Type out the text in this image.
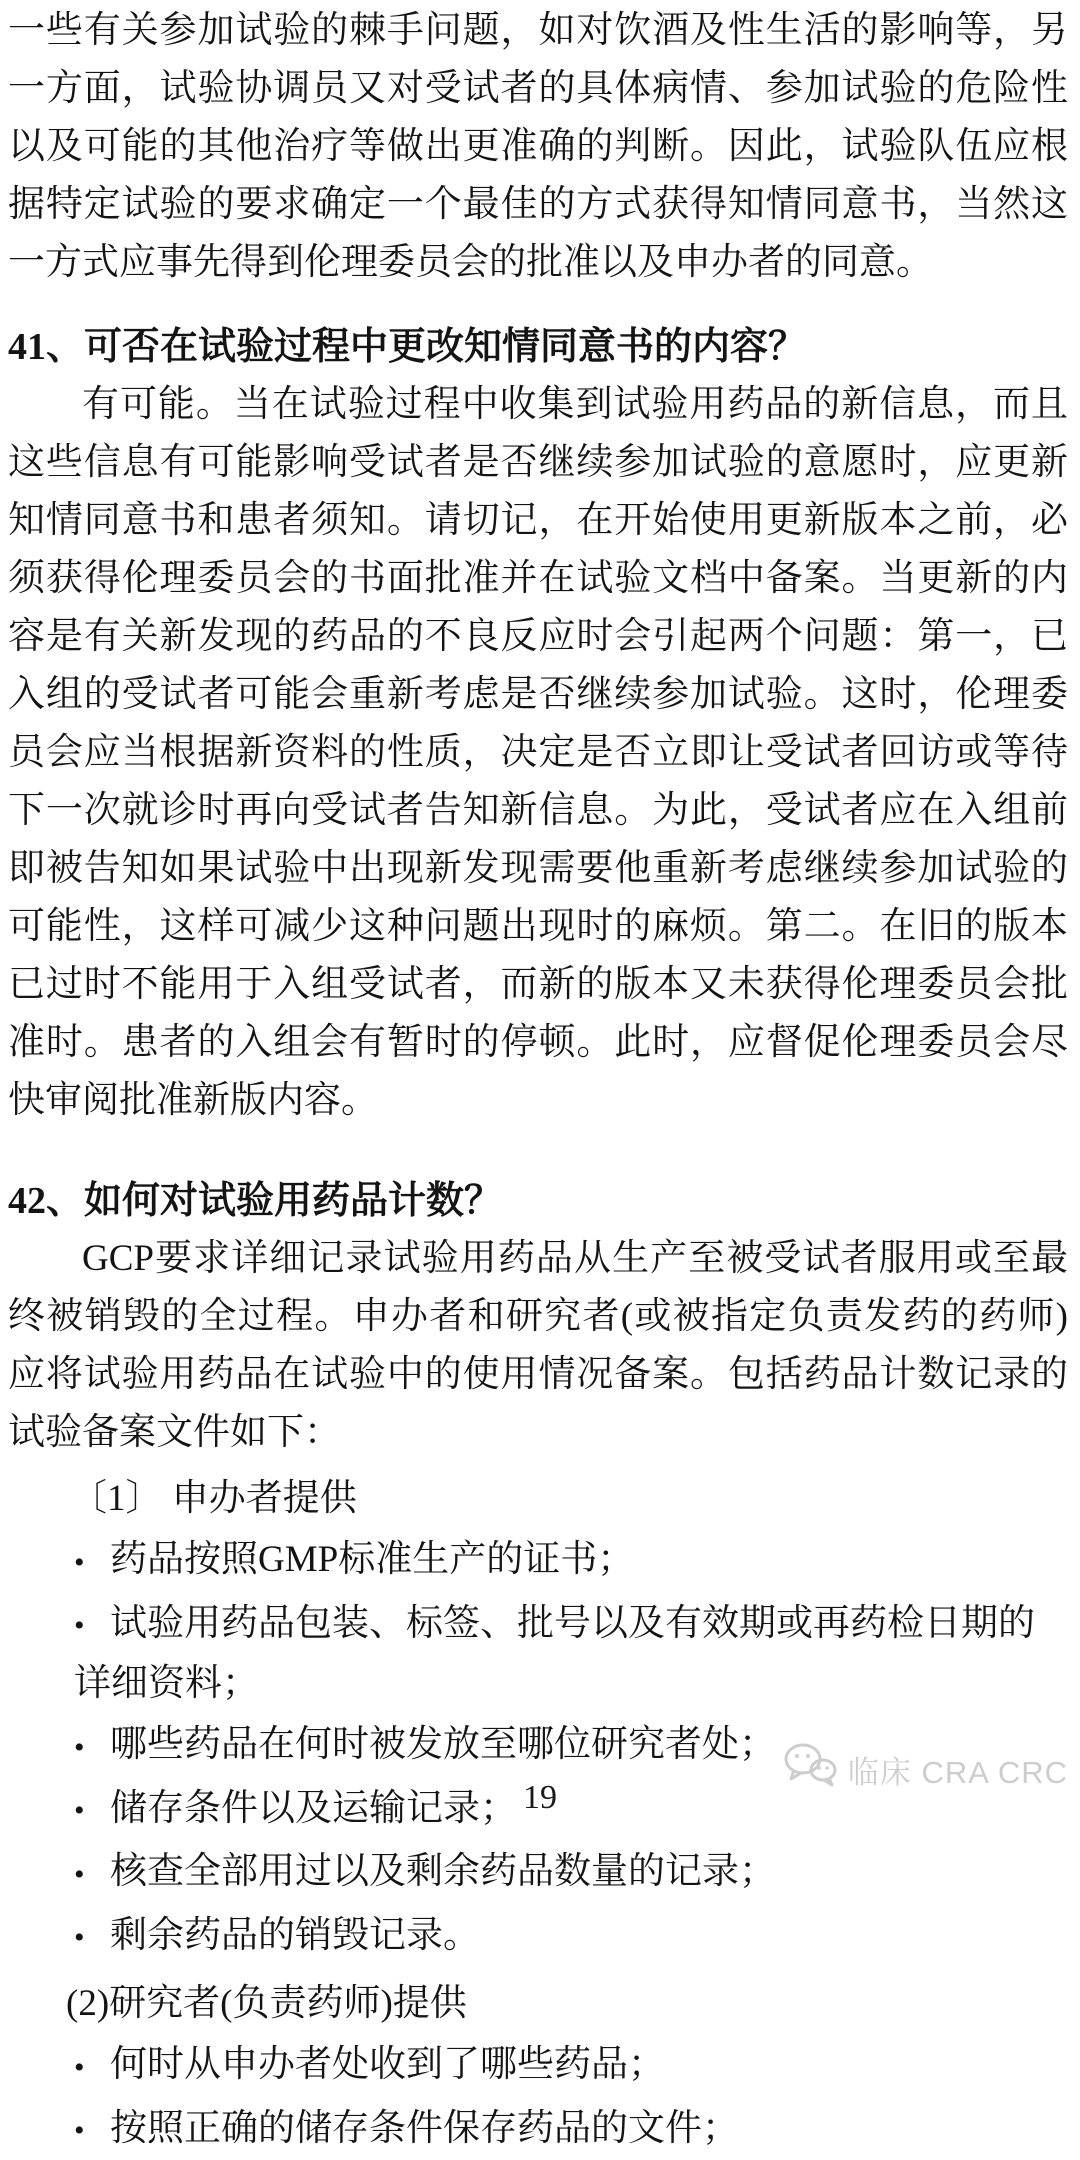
一些有关参加试验的棘手问题，如对饮酒及性生活的影响等，另一方面，试验协调员又对受试者的具体病情、参加试验的危险性以及可能的其他治疗等做出更准确的判断。因此，试验队伍应根据特定试验的要求确定一个最佳的方式获得知情同意书，当然这一方式应事先得到伦理委员会的批准以及申办者的同意。

41、可否在试验过程中更改知情同意书的内容？

有可能。当在试验过程中收集到试验用药品的新信息，而且这些信息有可能影响受试者是否继续参加试验的意愿时，应更新知情同意书和患者须知。请切记，在开始使用更新版本之前，必须获得伦理委员会的书面批准并在试验文档中备案。当更新的内容是有关新发现的药品的不良反应时会引起两个问题：第一，已入组的受试者可能会重新考虑是否继续参加试验。这时，伦理委员会应当根据新资料的性质，决定是否立即让受试者回访或等待下一次就诊时再向受试者告知新信息。为此，受试者应在入组前即被告知如果试验中出现新发现需要他重新考虑继续参加试验的可能性，这样可减少这种问题出现时的麻烦。第二。在旧的版本已过时不能用于入组受试者，而新的版本又未获得伦理委员会批准时。患者的入组会有暂时的停顿。此时，应督促伦理委员会尽快审阅批准新版内容。

42、如何对试验用药品计数？

GCP要求详细记录试验用药品从生产至被受试者服用或至最终被销毁的全过程。申办者和研究者(或被指定负责发药的药师)应将试验用药品在试验中的使用情况备案。包括药品计数记录的试验备案文件如下：

〔1〕 申办者提供

• 药品按照GMP标准生产的证书；
• 试验用药品包装、标签、批号以及有效期或再药检日期的详细资料；
• 哪些药品在何时被发放至哪位研究者处；
• 储存条件以及运输记录；
• 核查全部用过以及剩余药品数量的记录；
• 剩余药品的销毁记录。

(2)研究者(负责药师)提供

• 何时从申办者处收到了哪些药品；
• 按照正确的储存条件保存药品的文件；
临床 CRA CRC
19
